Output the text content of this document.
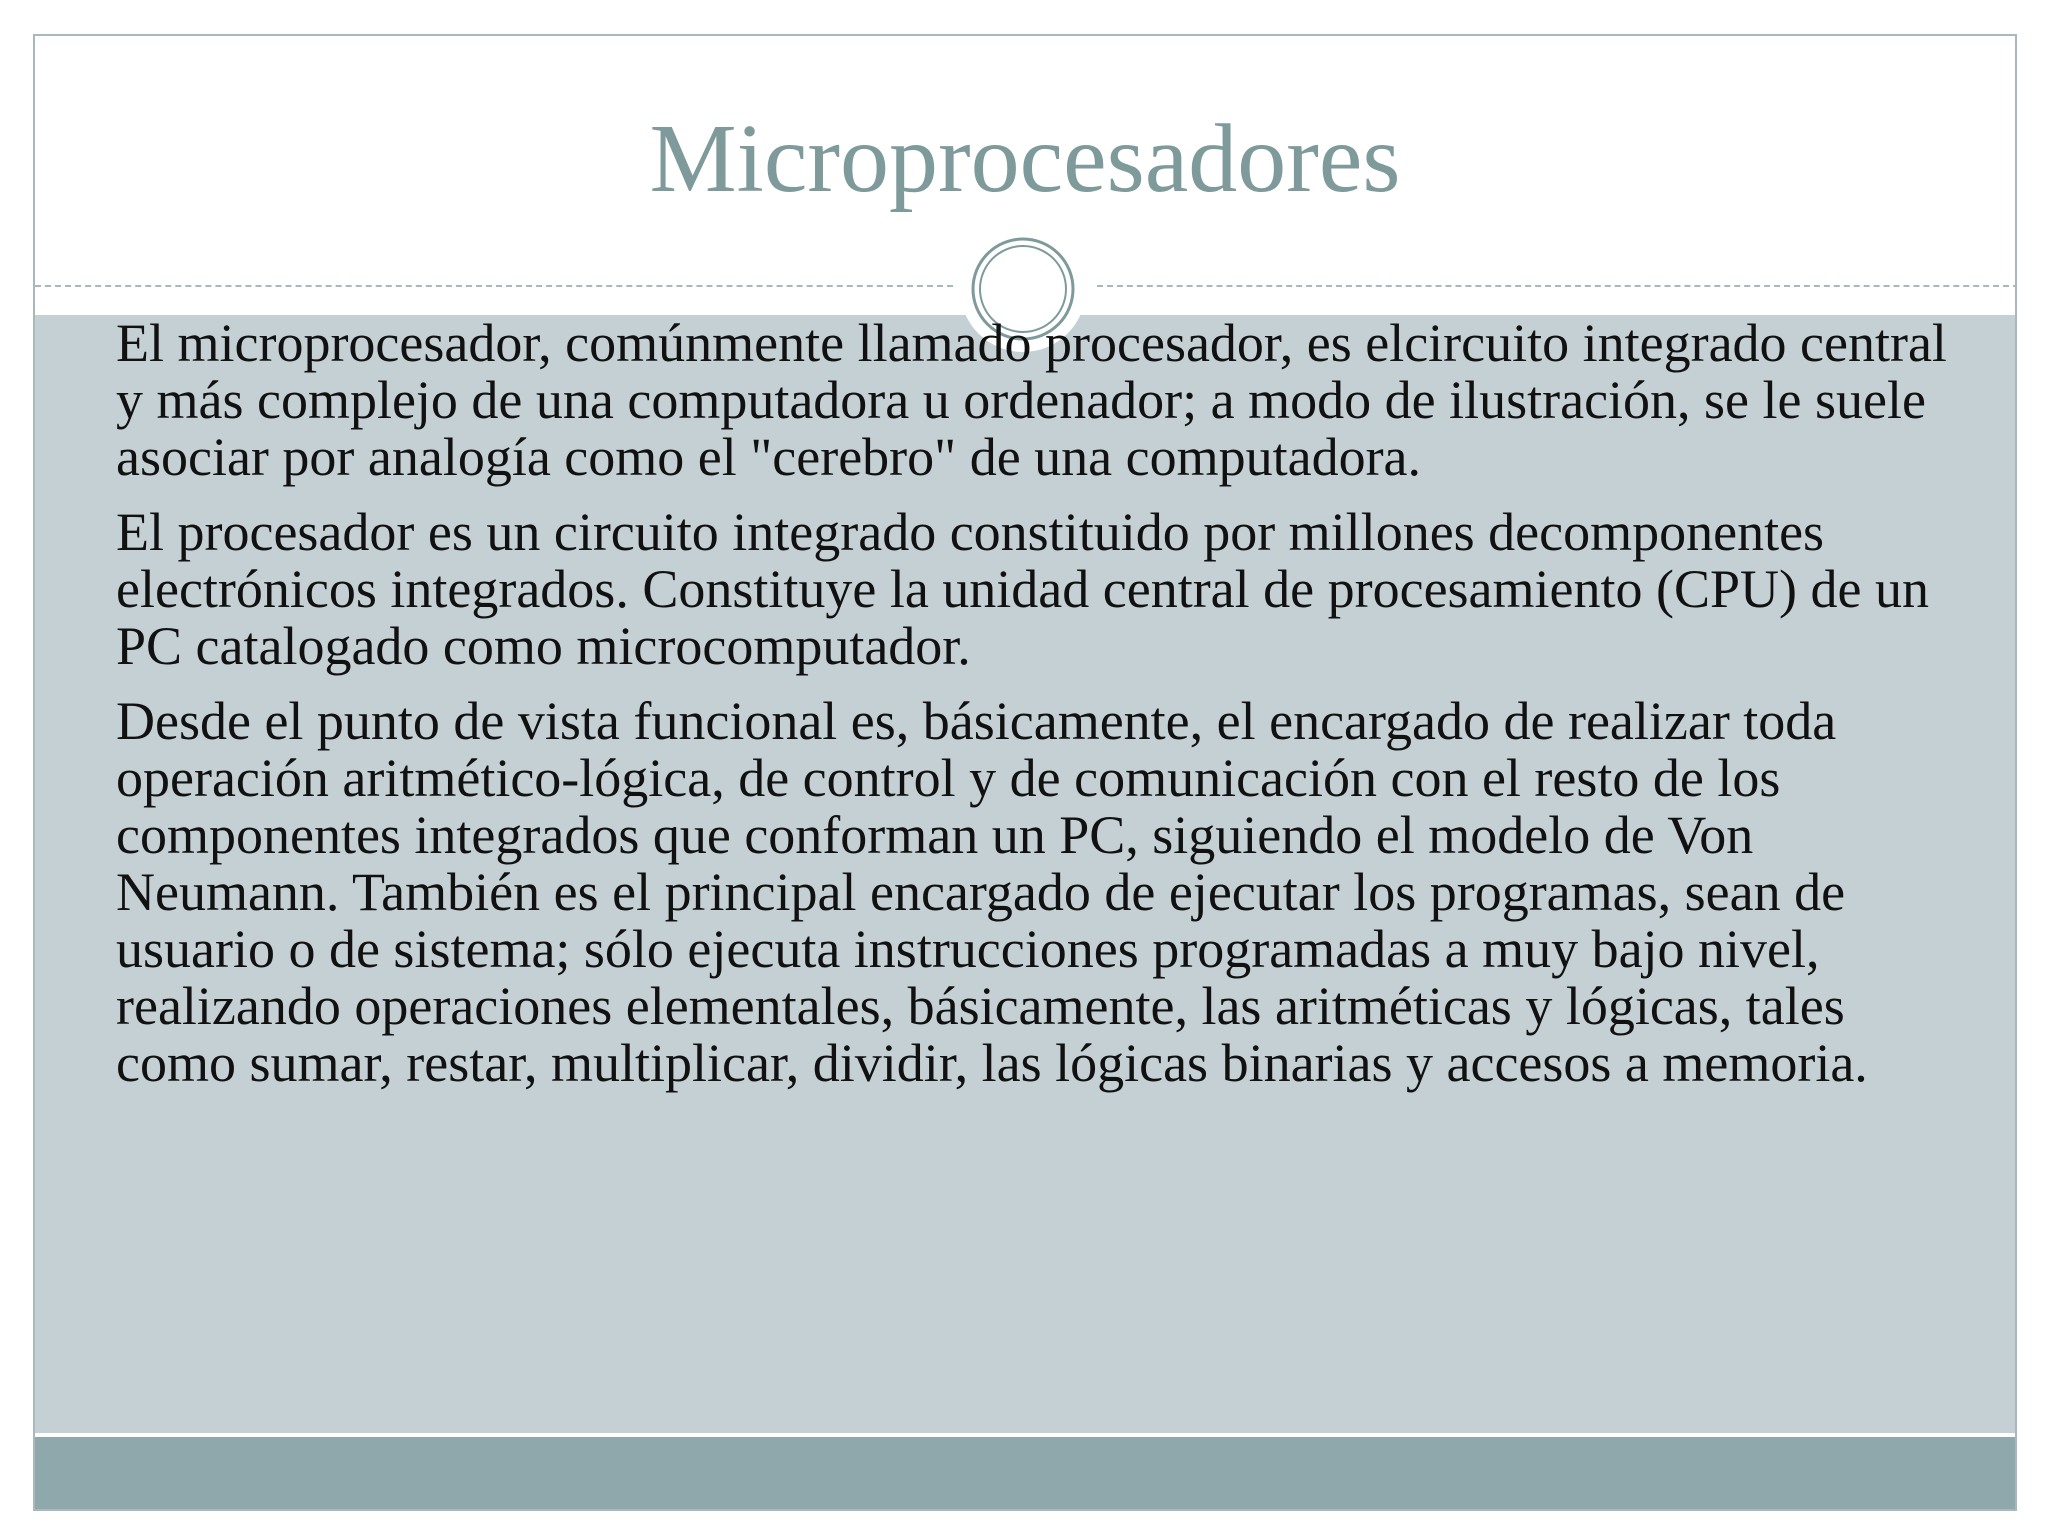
Microprocesadores

El microprocesador, comúnmente llamado procesador, es elcircuito integrado central y más complejo de una computadora u ordenador; a modo de ilustración, se le suele asociar por analogía como el "cerebro" de una computadora.

El procesador es un circuito integrado constituido por millones decomponentes electrónicos integrados. Constituye la unidad central de procesamiento (CPU) de un PC catalogado como microcomputador.

Desde el punto de vista funcional es, básicamente, el encargado de realizar toda operación aritmético-lógica, de control y de comunicación con el resto de los componentes integrados que conforman un PC, siguiendo el modelo de Von Neumann. También es el principal encargado de ejecutar los programas, sean de usuario o de sistema; sólo ejecuta instrucciones programadas a muy bajo nivel, realizando operaciones elementales, básicamente, las aritméticas y lógicas, tales como sumar, restar, multiplicar, dividir, las lógicas binarias y accesos a memoria.
